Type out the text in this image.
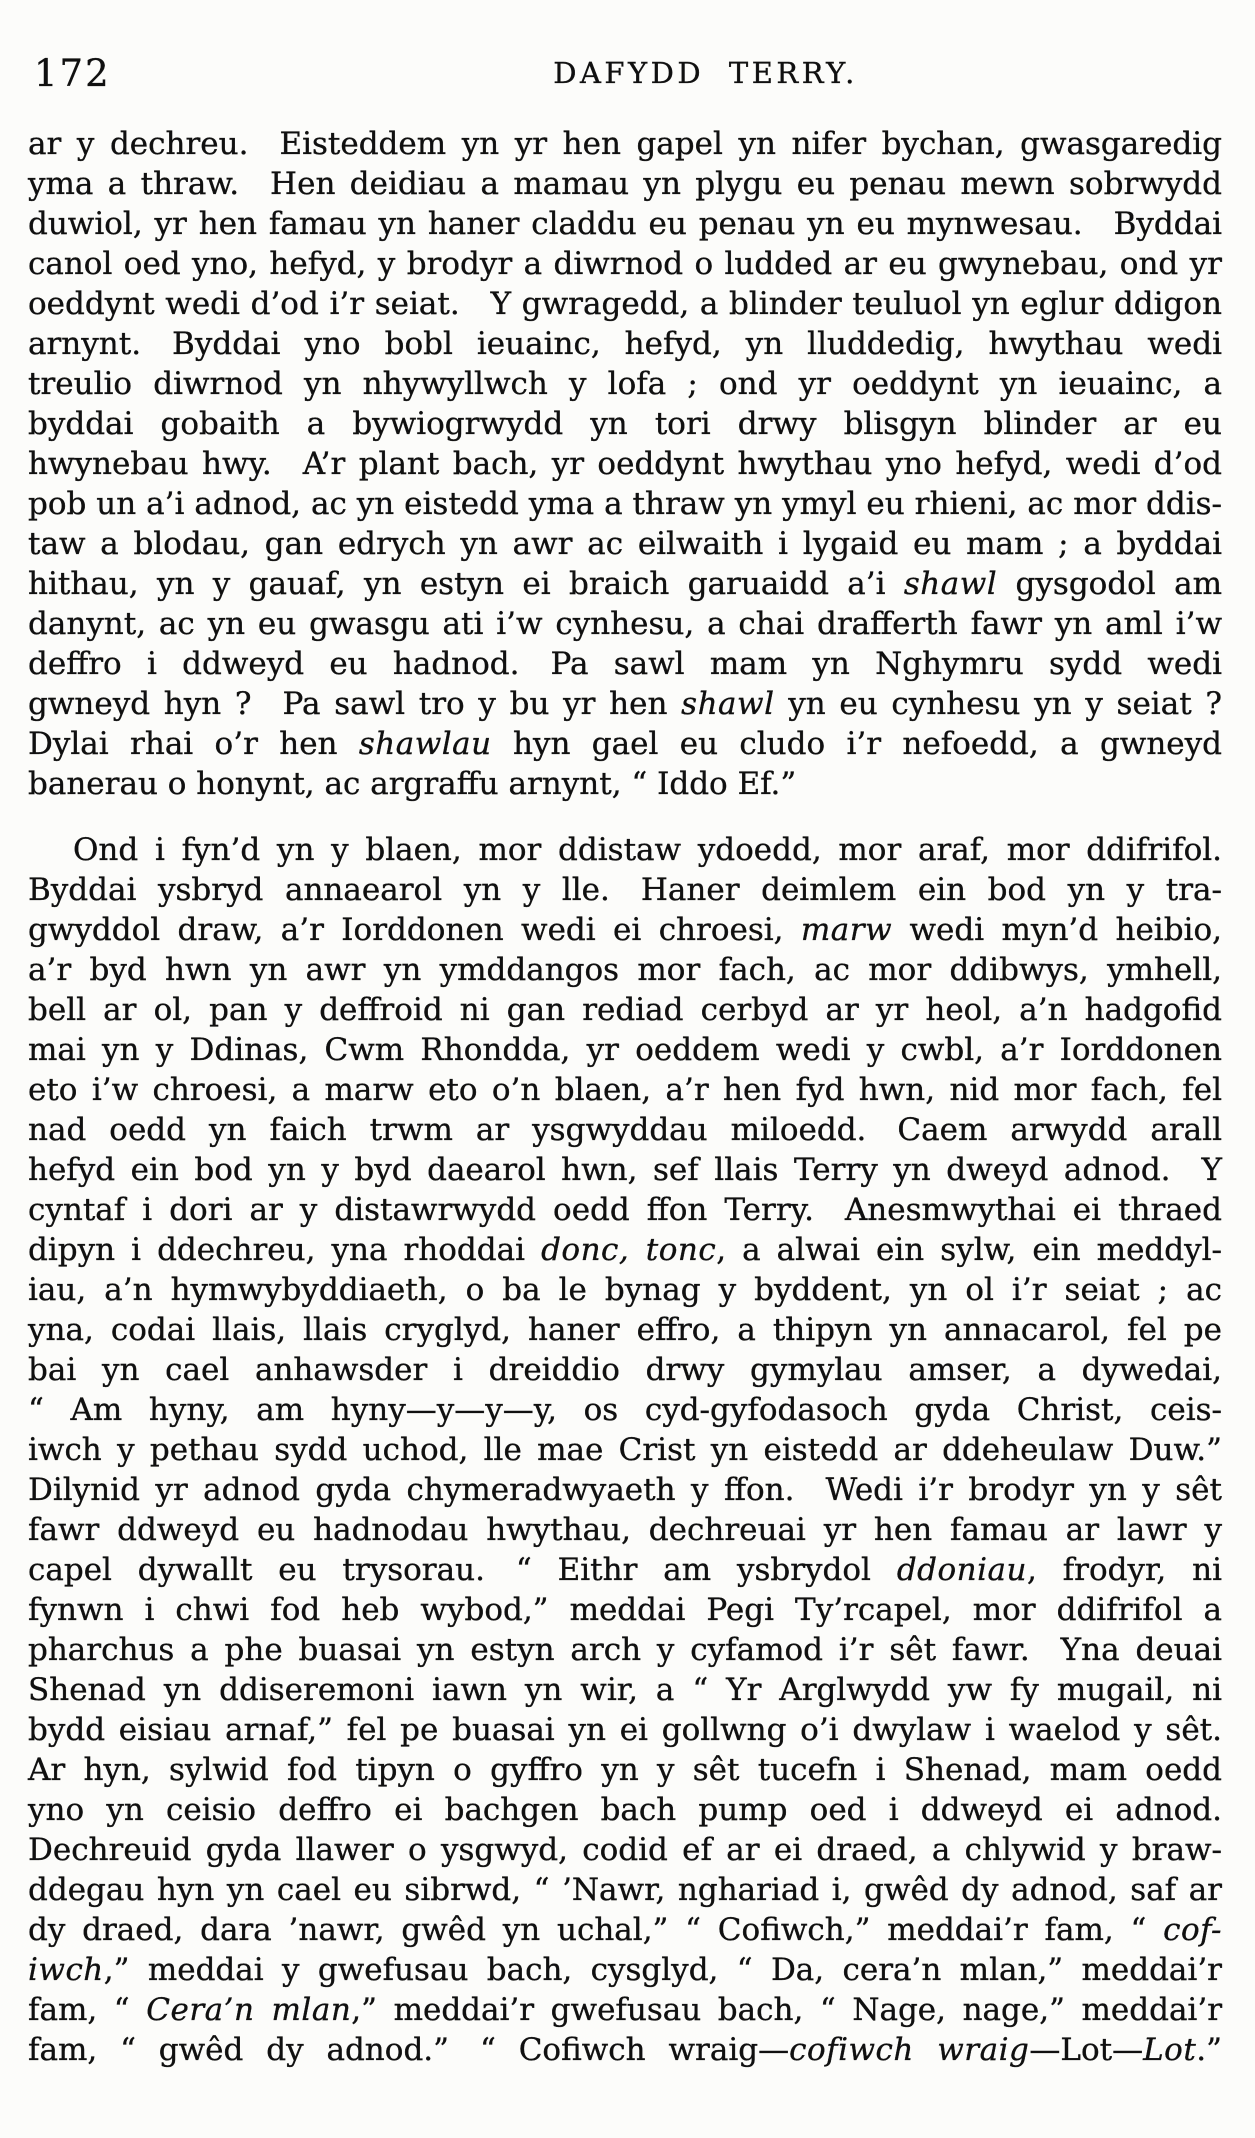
172	DAFYDD TERRY.
ar y dechreu. Eisteddem yn yr hen gapel yn nifer bychan, gwasgaredig
yma a thraw. Hen deidiau a mamau yn plygu eu penau mewn sobrwydd
duwiol, yr hen famau yn haner claddu eu penau yn eu mynwesau. Byddai
canol oed yno, hefyd, y brodyr a diwrnod o ludded ar eu gwynebau, ond yr
oeddynt wedi d’od i’r seiat. Y gwragedd, a blinder teuluol yn eglur ddigon
arnynt. Byddai yno bobl ieuainc, hefyd, yn lluddedig, hwythau wedi
treulio diwrnod yn nhywyllwch y lofa ; ond yr oeddynt yn ieuainc, a
byddai gobaith a bywiogrwydd yn tori drwy blisgyn blinder ar eu
hwynebau hwy. A’r plant bach, yr oeddynt hwythau yno hefyd, wedi d’od
pob un a’i adnod, ac yn eistedd yma a thraw yn ymyl eu rhieni, ac mor ddis-
taw a blodau, gan edrych yn awr ac eilwaith i lygaid eu mam ; a byddai
hithau, yn y gauaf, yn estyn ei braich garuaidd a’i shawl gysgodol am
danynt, ac yn eu gwasgu ati i’w cynhesu, a chai drafferth fawr yn aml i’w
deffro i ddweyd eu hadnod. Pa sawl mam yn Nghymru sydd wedi
gwneyd hyn ? Pa sawl tro y bu yr hen shawl yn eu cynhesu yn y seiat ?
Dylai rhai o’r hen shawlau hyn gael eu cludo i’r nefoedd, a gwneyd
banerau o honynt, ac argraffu arnynt, “ Iddo Ef.”
Ond i fyn’d yn y blaen, mor ddistaw ydoedd, mor araf, mor ddifrifol.
Byddai ysbryd annaearol yn y lle. Haner deimlem ein bod yn y tra-
gwyddol draw, a’r Iorddonen wedi ei chroesi, marw wedi myn’d heibio,
a’r byd hwn yn awr yn ymddangos mor fach, ac mor ddibwys, ymhell,
bell ar ol, pan y deffroid ni gan rediad cerbyd ar yr heol, a’n hadgofid
mai yn y Ddinas, Cwm Rhondda, yr oeddem wedi y cwbl, a’r Iorddonen
eto i’w chroesi, a marw eto o’n blaen, a’r hen fyd hwn, nid mor fach, fel
nad oedd yn faich trwm ar ysgwyddau miloedd. Caem arwydd arall
hefyd ein bod yn y byd daearol hwn, sef llais Terry yn dweyd adnod. Y
cyntaf i dori ar y distawrwydd oedd ffon Terry. Anesmwythai ei thraed
dipyn i ddechreu, yna rhoddai donc, tonc, a alwai ein sylw, ein meddyl-
iau, a’n hymwybyddiaeth, o ba le bynag y byddent, yn ol i’r seiat ; ac
yna, codai llais, llais cryglyd, haner effro, a thipyn yn annacarol, fel pe
bai yn cael anhawsder i dreiddio drwy gymylau amser, a dywedai,
“ Am hyny, am hyny—y—y—y, os cyd-gyfodasoch gyda Christ, ceis-
iwch y pethau sydd uchod, lle mae Crist yn eistedd ar ddeheulaw Duw.”
Dilynid yr adnod gyda chymeradwyaeth y ffon. Wedi i’r brodyr yn y sêt
fawr ddweyd eu hadnodau hwythau, dechreuai yr hen famau ar lawr y
capel dywallt eu trysorau. “ Eithr am ysbrydol ddoniau, frodyr, ni
fynwn i chwi fod heb wybod,” meddai Pegi Ty’rcapel, mor ddifrifol a
pharchus a phe buasai yn estyn arch y cyfamod i’r sêt fawr. Yna deuai
Shenad yn ddiseremoni iawn yn wir, a “ Yr Arglwydd yw fy mugail, ni
bydd eisiau arnaf,” fel pe buasai yn ei gollwng o’i dwylaw i waelod y sêt.
Ar hyn, sylwid fod tipyn o gyffro yn y sêt tucefn i Shenad, mam oedd
yno yn ceisio deffro ei bachgen bach pump oed i ddweyd ei adnod.
Dechreuid gyda llawer o ysgwyd, codid ef ar ei draed, a chlywid y braw-
ddegau hyn yn cael eu sibrwd, “ ’Nawr, nghariad i, gwêd dy adnod, saf ar
dy draed, dara ’nawr, gwêd yn uchal,” “ Cofiwch,” meddai’r fam, “ cof-
iwch,” meddai y gwefusau bach, cysglyd, “ Da, cera’n mlan,” meddai’r
fam, “ Cera’n mlan,” meddai’r gwefusau bach, “ Nage, nage,” meddai’r
fam, “ gwêd dy adnod.” “ Cofiwch wraig—cofiwch wraig—Lot—Lot.”
